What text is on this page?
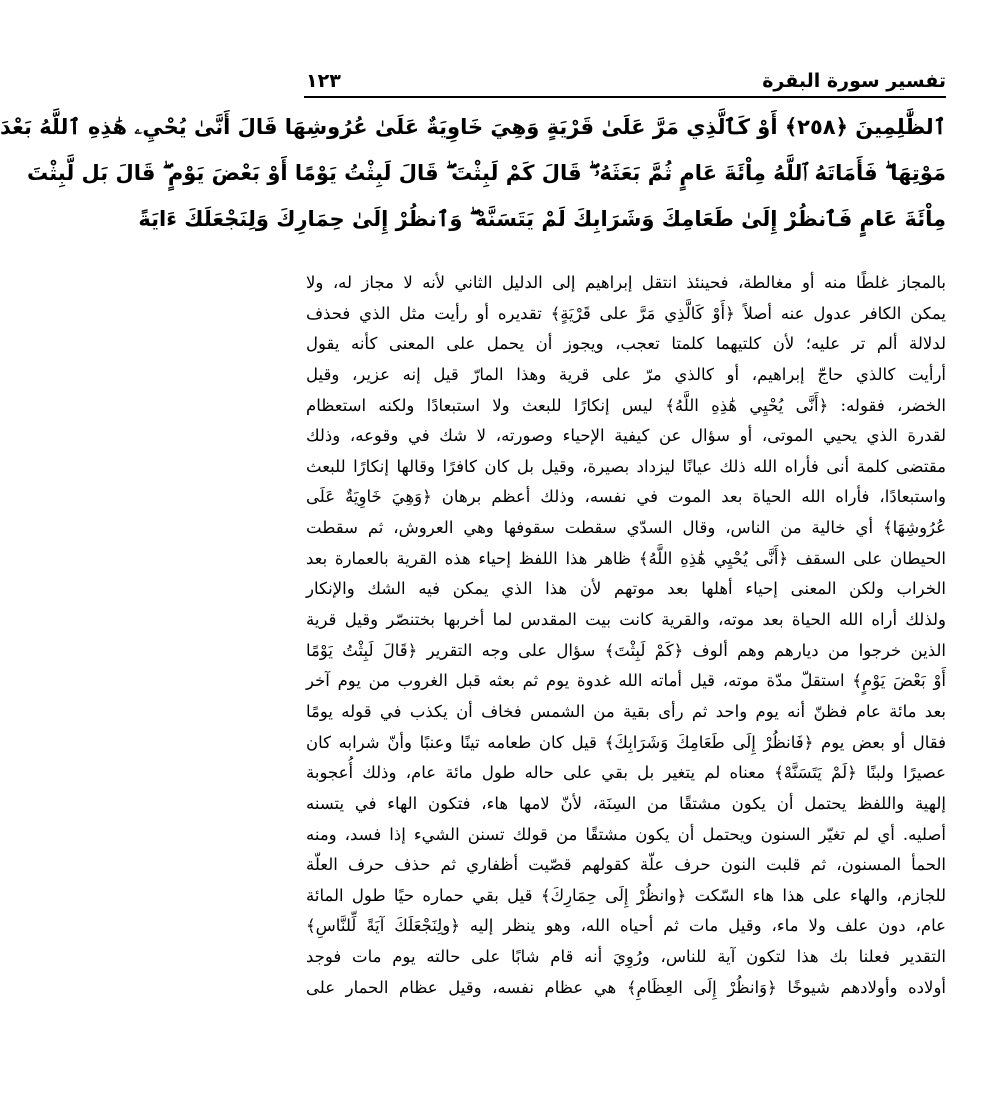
تفسير سورة البقرة
١٢٣
ٱلظَّٰلِمِينَ ﴿٢٥٨﴾ أَوْ كَٱلَّذِي مَرَّ عَلَىٰ قَرْيَةٍ وَهِيَ خَاوِيَةٌ عَلَىٰ عُرُوشِهَا قَالَ أَنَّىٰ يُحْيِۦ هَٰذِهِ ٱللَّهُ بَعْدَ
مَوْتِهَا ۖ فَأَمَاتَهُ ٱللَّهُ مِاْئَةَ عَامٍ ثُمَّ بَعَثَهُۥ ۖ قَالَ كَمْ لَبِثْتَ ۖ قَالَ لَبِثْتُ يَوْمًا أَوْ بَعْضَ يَوْمٍ ۖ قَالَ بَل لَّبِثْتَ
مِاْئَةَ عَامٍ فَٱنظُرْ إِلَىٰ طَعَامِكَ وَشَرَابِكَ لَمْ يَتَسَنَّهْ ۖ وَٱنظُرْ إِلَىٰ حِمَارِكَ وَلِنَجْعَلَكَ ءَايَةً
بالمجاز غلطًا منه أو مغالطة، فحينئذ انتقل إبراهيم إلى الدليل الثاني لأنه لا مجاز له، ولا
يمكن الكافر عدول عنه أصلاً ﴿أَوْ كَالَّذِي مَرَّ على قَرْيَةٍ﴾ تقديره أو رأيت مثل الذي فحذف
لدلالة ألم تر عليه؛ لأن كلتيهما كلمتا تعجب، ويجوز أن يحمل على المعنى كأنه يقول
أرأيت كالذي حاجّ إبراهيم، أو كالذي مرّ على قرية وهذا المارّ قيل إنه عزير، وقيل
الخضر، فقوله: ﴿أَنَّى يُحْيِي هَٰذِهِ اللَّهُ﴾ ليس إنكارًا للبعث ولا استبعادًا ولكنه استعظام
لقدرة الذي يحيي الموتى، أو سؤال عن كيفية الإحياء وصورته، لا شك في وقوعه، وذلك
مقتضى كلمة أنى فأراه الله ذلك عيانًا ليزداد بصيرة، وقيل بل كان كافرًا وقالها إنكارًا للبعث
واستبعادًا، فأراه الله الحياة بعد الموت في نفسه، وذلك أعظم برهان ﴿وَهِيَ خَاوِيَةٌ عَلَى
عُرُوشِهَا﴾ أي خالية من الناس، وقال السدّي سقطت سقوفها وهي العروش، ثم سقطت
الحيطان على السقف ﴿أَنَّى يُحْيِي هَٰذِهِ اللَّهُ﴾ ظاهر هذا اللفظ إحياء هذه القرية بالعمارة بعد
الخراب ولكن المعنى إحياء أهلها بعد موتهم لأن هذا الذي يمكن فيه الشك والإنكار
ولذلك أراه الله الحياة بعد موته، والقرية كانت بيت المقدس لما أخربها بختنصّر وقيل قرية
الذين خرجوا من ديارهم وهم ألوف ﴿كَمْ لَبِثْتَ﴾ سؤال على وجه التقرير ﴿قَالَ لَبِثْتُ يَوْمًا
أَوْ بَعْضَ يَوْمٍ﴾ استقلّ مدّة موته، قيل أماته الله غدوة يوم ثم بعثه قبل الغروب من يوم آخر
بعد مائة عام فظنّ أنه يوم واحد ثم رأى بقية من الشمس فخاف أن يكذب في قوله يومًا
فقال أو بعض يوم ﴿فَانظُرْ إِلَى طَعَامِكَ وَشَرَابِكَ﴾ قيل كان طعامه تينًا وعنبًا وأنّ شرابه كان
عصيرًا ولبنًا ﴿لَمْ يَتَسَنَّهْ﴾ معناه لم يتغير بل بقي على حاله طول مائة عام، وذلك أُعجوبة
إلهية واللفظ يحتمل أن يكون مشتقًا من السِنَة، لأنّ لامها هاء، فتكون الهاء في يتسنه
أصليه. أي لم تغيّر السنون ويحتمل أن يكون مشتقًا من قولك تسنن الشيء إذا فسد، ومنه
الحمأ المسنون، ثم قلبت النون حرف علّة كقولهم قصّيت أظفاري ثم حذف حرف العلّة
للجازم، والهاء على هذا هاء السّكت ﴿وانظُرْ إِلَى حِمَارِكَ﴾ قيل بقي حماره حيًا طول المائة
عام، دون علف ولا ماء، وقيل مات ثم أحياه الله، وهو ينظر إليه ﴿ولِنَجْعَلَكَ آيَةً لِّلنَّاسِ﴾
التقدير فعلنا بك هذا لتكون آية للناس، ورُوِيَ أنه قام شابًا على حالته يوم مات فوجد
أولاده وأولادهم شيوخًا ﴿وَانظُرْ إِلَى العِظَامِ﴾ هي عظام نفسه، وقيل عظام الحمار على
